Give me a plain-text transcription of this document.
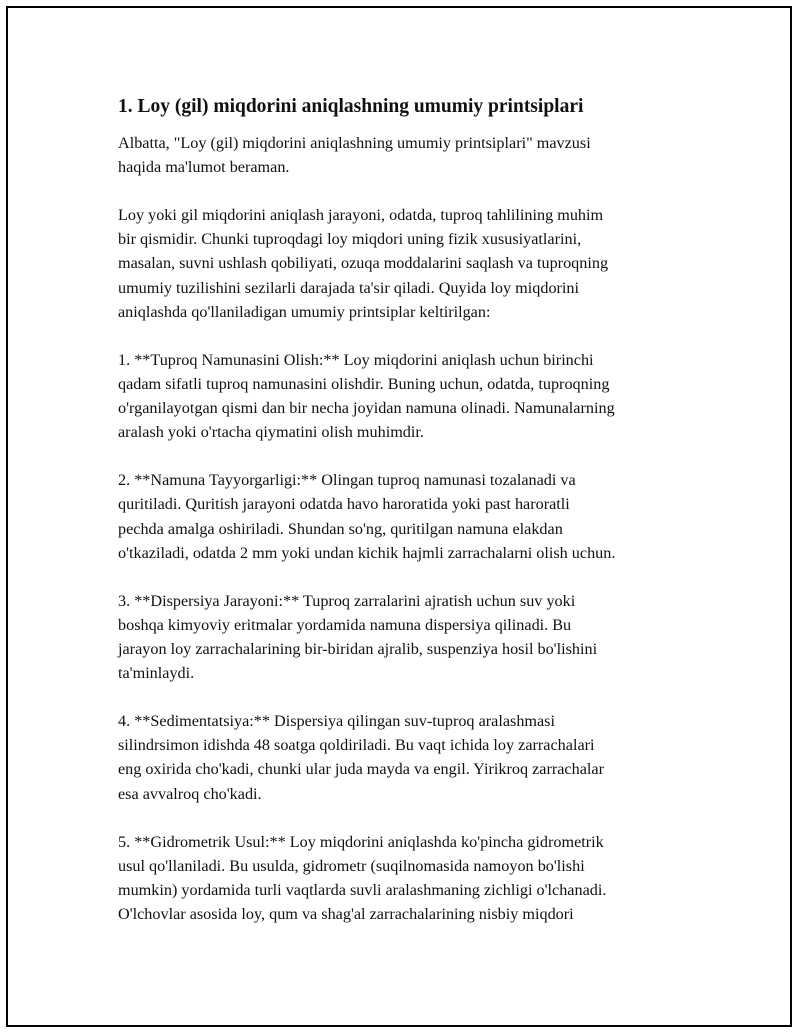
1. Loy (gil) miqdorini aniqlashning umumiy printsiplari

Albatta, "Loy (gil) miqdorini aniqlashning umumiy printsiplari" mavzusi
haqida ma'lumot beraman.

Loy yoki gil miqdorini aniqlash jarayoni, odatda, tuproq tahlilining muhim
bir qismidir. Chunki tuproqdagi loy miqdori uning fizik xususiyatlarini,
masalan, suvni ushlash qobiliyati, ozuqa moddalarini saqlash va tuproqning
umumiy tuzilishini sezilarli darajada ta'sir qiladi. Quyida loy miqdorini
aniqlashda qo'llaniladigan umumiy printsiplar keltirilgan:

1. **Tuproq Namunasini Olish:** Loy miqdorini aniqlash uchun birinchi
qadam sifatli tuproq namunasini olishdir. Buning uchun, odatda, tuproqning
o'rganilayotgan qismi dan bir necha joyidan namuna olinadi. Namunalarning
aralash yoki o'rtacha qiymatini olish muhimdir.

2. **Namuna Tayyorgarligi:** Olingan tuproq namunasi tozalanadi va
quritiladi. Quritish jarayoni odatda havo haroratida yoki past haroratli
pechda amalga oshiriladi. Shundan so'ng, quritilgan namuna elakdan
o'tkaziladi, odatda 2 mm yoki undan kichik hajmli zarrachalarni olish uchun.

3. **Dispersiya Jarayoni:** Tuproq zarralarini ajratish uchun suv yoki
boshqa kimyoviy eritmalar yordamida namuna dispersiya qilinadi. Bu
jarayon loy zarrachalarining bir-biridan ajralib, suspenziya hosil bo'lishini
ta'minlaydi.

4. **Sedimentatsiya:** Dispersiya qilingan suv-tuproq aralashmasi
silindrsimon idishda 48 soatga qoldiriladi. Bu vaqt ichida loy zarrachalari
eng oxirida cho'kadi, chunki ular juda mayda va engil. Yirikroq zarrachalar
esa avvalroq cho'kadi.

5. **Gidrometrik Usul:** Loy miqdorini aniqlashda ko'pincha gidrometrik
usul qo'llaniladi. Bu usulda, gidrometr (suqilnomasida namoyon bo'lishi
mumkin) yordamida turli vaqtlarda suvli aralashmaning zichligi o'lchanadi.
O'lchovlar asosida loy, qum va shag'al zarrachalarining nisbiy miqdori
